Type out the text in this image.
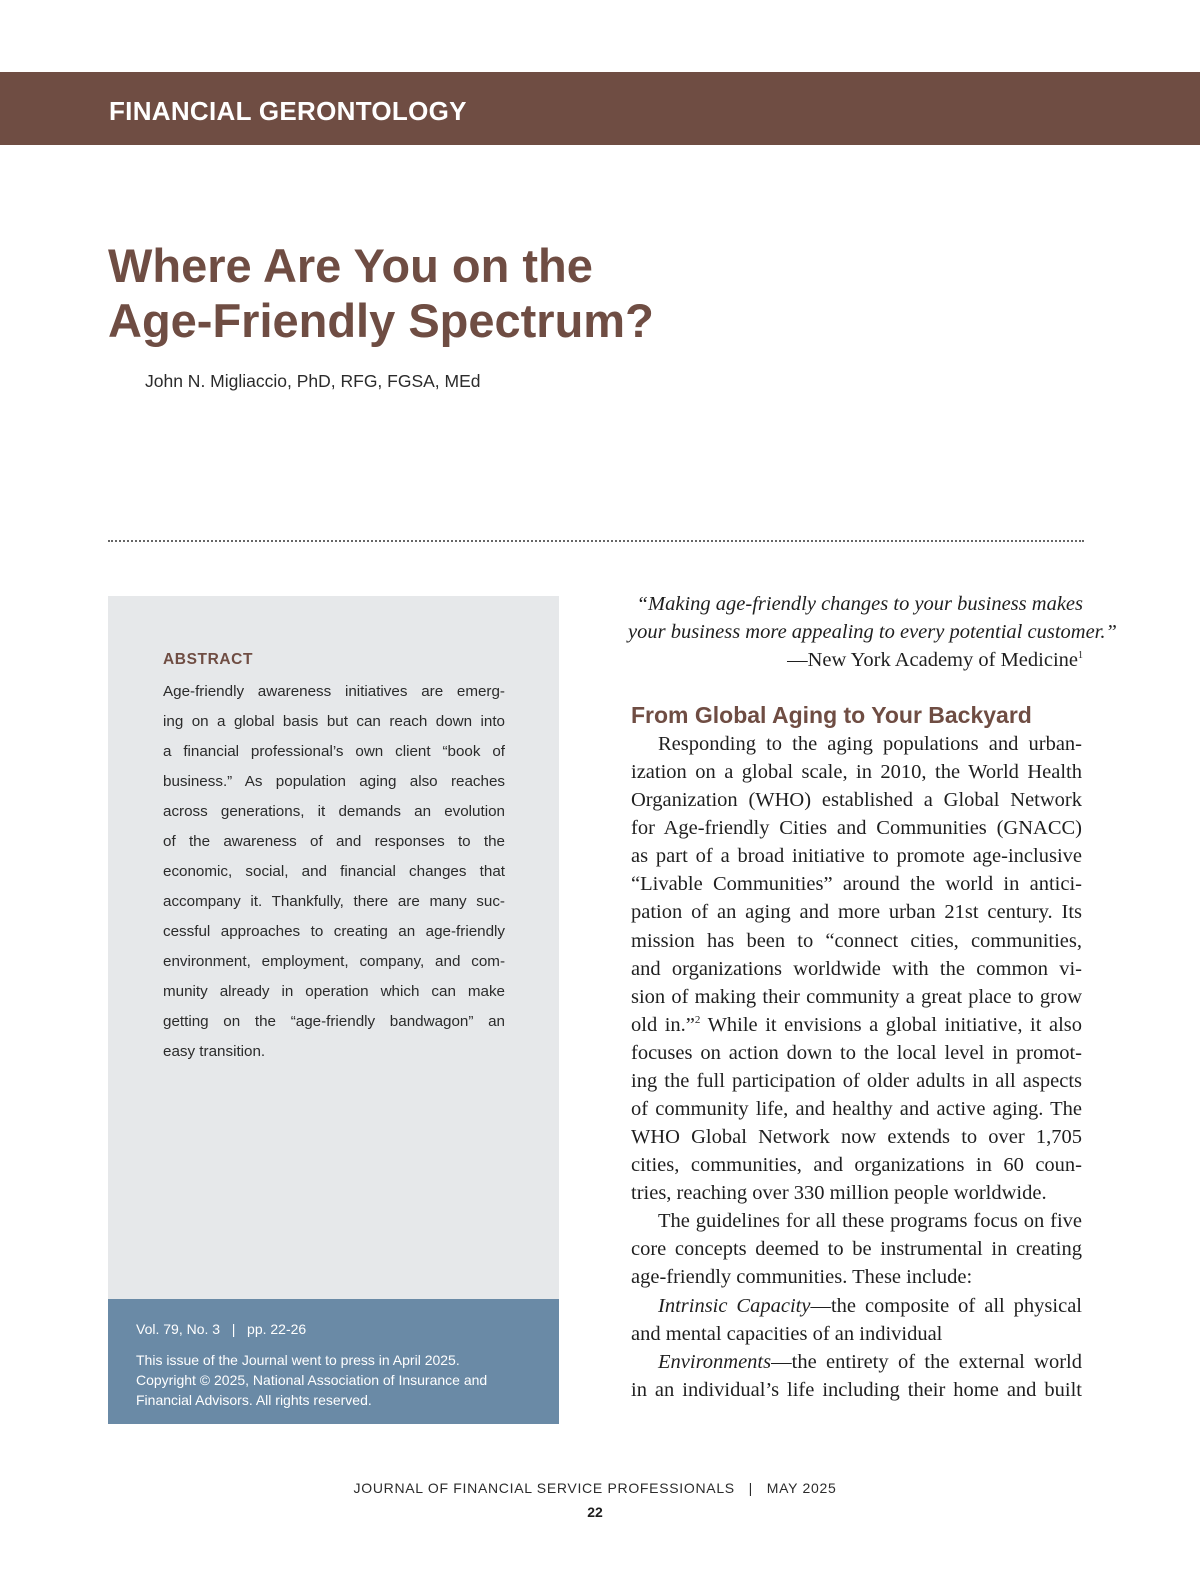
FINANCIAL GERONTOLOGY
Where Are You on the
Age-Friendly Spectrum?
John N. Migliaccio, PhD, RFG, FGSA, MEd
ABSTRACT
Age-friendly awareness initiatives are emerg-
ing on a global basis but can reach down into
a financial professional’s own client “book of
business.” As population aging also reaches
across generations, it demands an evolution
of the awareness of and responses to the
economic, social, and financial changes that
accompany it. Thankfully, there are many suc-
cessful approaches to creating an age-friendly
environment, employment, company, and com-
munity already in operation which can make
getting on the “age-friendly bandwagon” an
easy transition.
Vol. 79, No. 3 | pp. 22-26
This issue of the Journal went to press in April 2025.
Copyright © 2025, National Association of Insurance and
Financial Advisors. All rights reserved.
“Making age-friendly changes to your business makes
your business more appealing to every potential customer.”
—New York Academy of Medicine$^1$
From Global Aging to Your Backyard
Responding to the aging populations and urban-
ization on a global scale, in 2010, the World Health
Organization (WHO) established a Global Network
for Age-friendly Cities and Communities (GNACC)
as part of a broad initiative to promote age-inclusive
“Livable Communities” around the world in antici-
pation of an aging and more urban 21st century. Its
mission has been to “connect cities, communities,
and organizations worldwide with the common vi-
sion of making their community a great place to grow
old in.”$^2$ While it envisions a global initiative, it also
focuses on action down to the local level in promot-
ing the full participation of older adults in all aspects
of community life, and healthy and active aging. The
WHO Global Network now extends to over 1,705
cities, communities, and organizations in 60 coun-
tries, reaching over 330 million people worldwide.
The guidelines for all these programs focus on five
core concepts deemed to be instrumental in creating
age-friendly communities. These include:
Intrinsic Capacity—the composite of all physical
and mental capacities of an individual
Environments—the entirety of the external world
in an individual’s life including their home and built
JOURNAL OF FINANCIAL SERVICE PROFESSIONALS | MAY 2025
22
